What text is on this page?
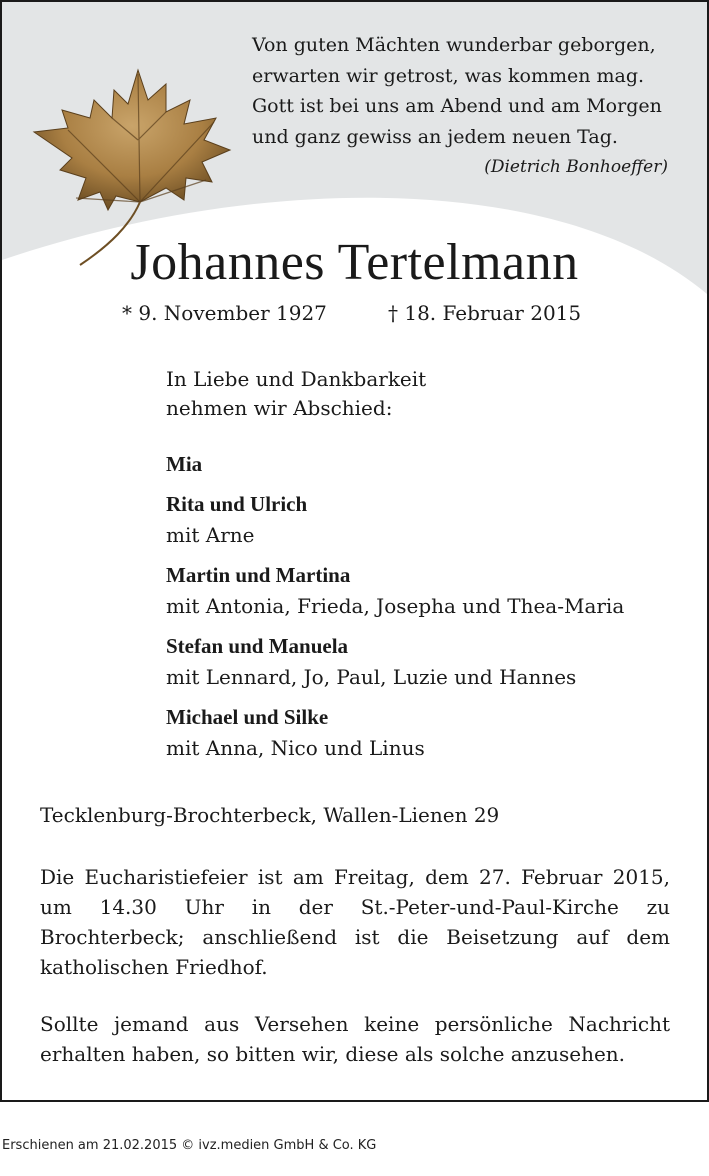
Von guten Mächten wunderbar geborgen,
erwarten wir getrost, was kommen mag.
Gott ist bei uns am Abend und am Morgen
und ganz gewiss an jedem neuen Tag.
(Dietrich Bonhoeffer)
Johannes Tertelmann
* 9. November 1927	† 18. Februar 2015
In Liebe und Dankbarkeit
nehmen wir Abschied:
Mia
Rita und Ulrich
mit Arne
Martin und Martina
mit Antonia, Frieda, Josepha und Thea-Maria
Stefan und Manuela
mit Lennard, Jo, Paul, Luzie und Hannes
Michael und Silke
mit Anna, Nico und Linus
Tecklenburg-Brochterbeck, Wallen-Lienen 29
Die Eucharistiefeier ist am Freitag, dem 27. Februar 2015, um 14.30 Uhr in der St.-Peter-und-Paul-Kirche zu Brochterbeck; anschließend ist die Beisetzung auf dem katholischen Friedhof.
Sollte jemand aus Versehen keine persönliche Nachricht erhalten haben, so bitten wir, diese als solche anzusehen.
Erschienen am 21.02.2015 © ivz.medien GmbH & Co. KG
